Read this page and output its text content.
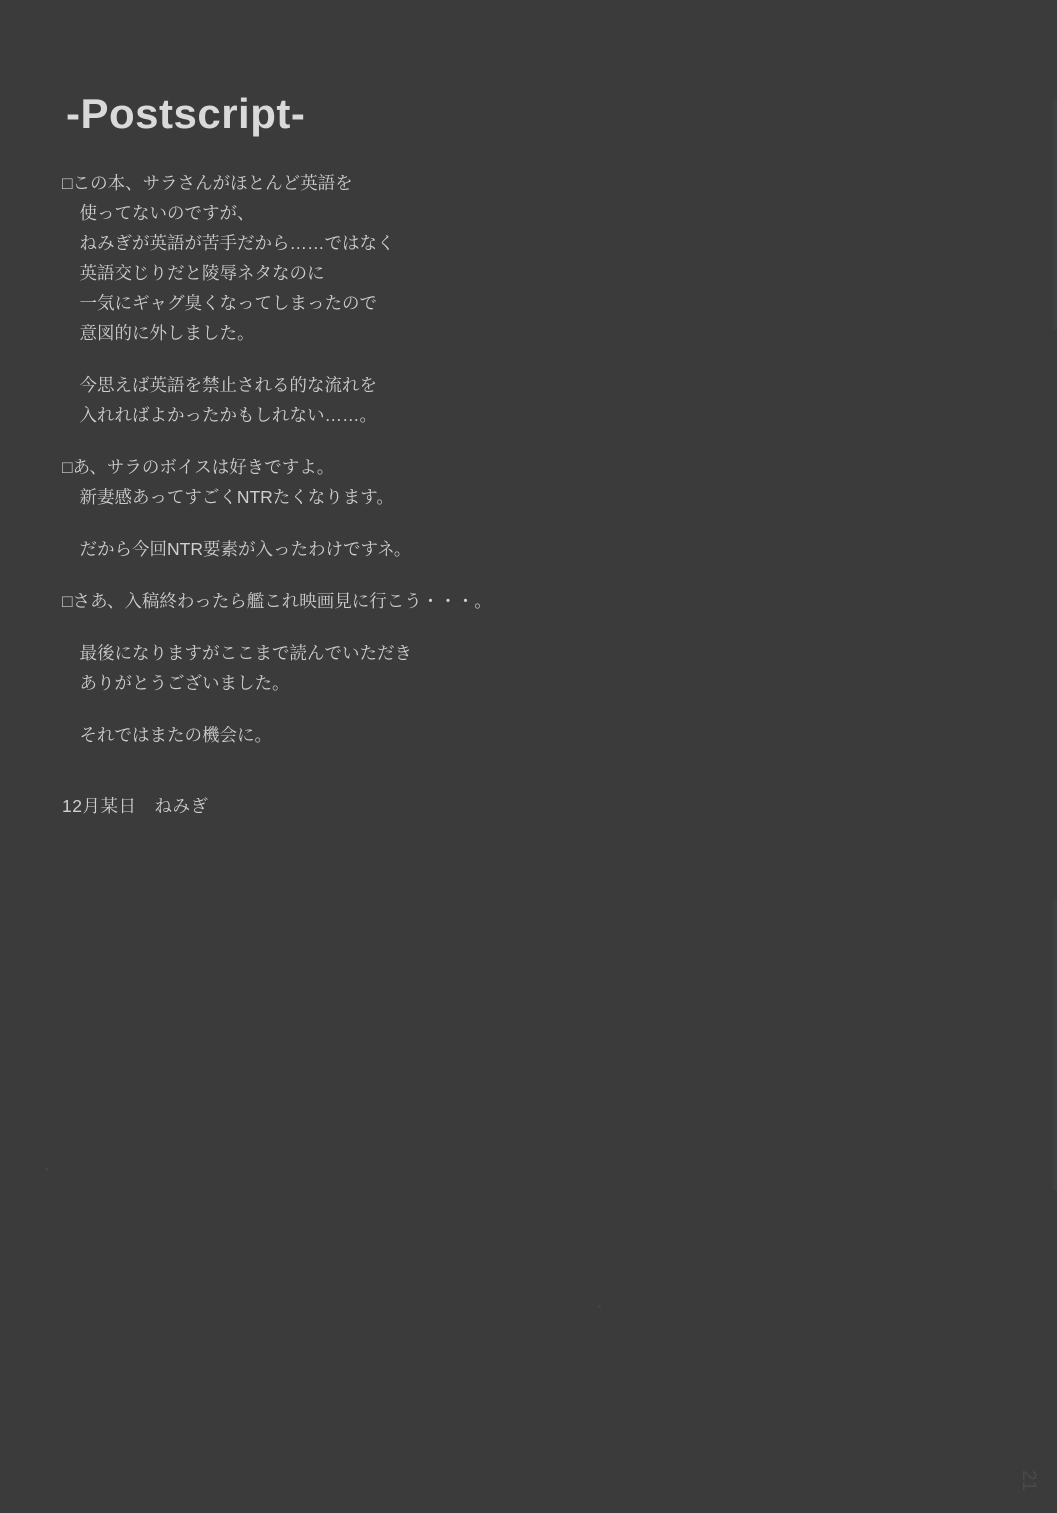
-Postscript-
□この本、サラさんがほとんど英語を
　使ってないのですが、
　ねみぎが英語が苦手だから……ではなく
　英語交じりだと陵辱ネタなのに
　一気にギャグ臭くなってしまったので
　意図的に外しました。
　今思えば英語を禁止される的な流れを
　入れればよかったかもしれない……。
□あ、サラのボイスは好きですよ。
　新妻感あってすごくNTRたくなります。
　だから今回NTR要素が入ったわけですネ。
□さあ、入稿終わったら艦これ映画見に行こう・・・。
　最後になりますがここまで読んでいただき
　ありがとうございました。
　それではまたの機会に。
12月某日　ねみぎ
21
